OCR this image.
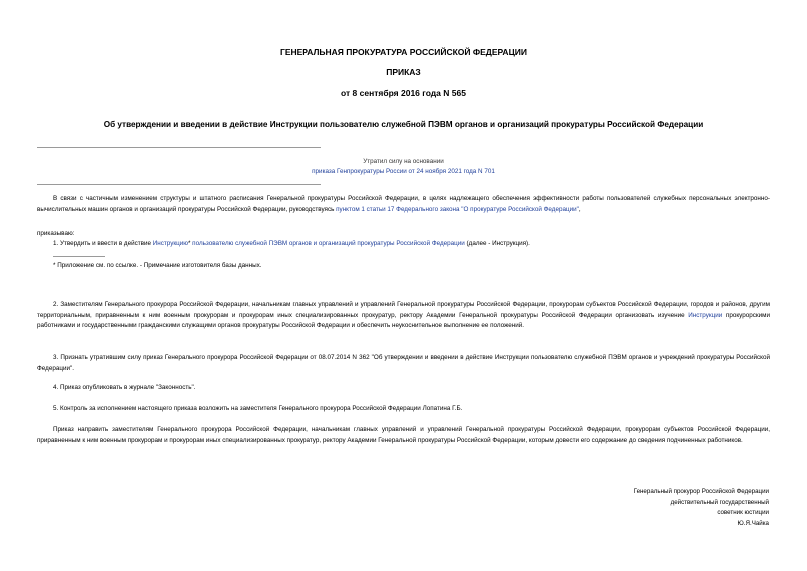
ГЕНЕРАЛЬНАЯ ПРОКУРАТУРА РОССИЙСКОЙ ФЕДЕРАЦИИ
ПРИКАЗ
от 8 сентября 2016 года N 565
Об утверждении и введении в действие Инструкции пользователю служебной ПЭВМ органов и организаций прокуратуры Российской Федерации
Утратил силу на основании
приказа Генпрокуратуры России от 24 ноября 2021 года N 701
В связи с частичным изменением структуры и штатного расписания Генеральной прокуратуры Российской Федерации, в целях надлежащего обеспечения эффективности работы пользователей служебных персональных электронно-вычислительных машин органов и организаций прокуратуры Российской Федерации, руководствуясь пунктом 1 статьи 17 Федерального закона "О прокуратуре Российской Федерации",
приказываю:
1. Утвердить и ввести в действие Инструкцию* пользователю служебной ПЭВМ органов и организаций прокуратуры Российской Федерации (далее - Инструкция).
* Приложение см. по ссылке. - Примечание изготовителя базы данных.
2. Заместителям Генерального прокурора Российской Федерации, начальникам главных управлений и управлений Генеральной прокуратуры Российской Федерации, прокурорам субъектов Российской Федерации, городов и районов, другим территориальным, приравненным к ним военным прокурорам и прокурорам иных специализированных прокуратур, ректору Академии Генеральной прокуратуры Российской Федерации организовать изучение Инструкции прокурорскими работниками и государственными гражданскими служащими органов прокуратуры Российской Федерации и обеспечить неукоснительное выполнение ее положений.
3. Признать утратившим силу приказ Генерального прокурора Российской Федерации от 08.07.2014 N 362 "Об утверждении и введении в действие Инструкции пользователю служебной ПЭВМ органов и учреждений прокуратуры Российской Федерации".
4. Приказ опубликовать в журнале "Законность".
5. Контроль за исполнением настоящего приказа возложить на заместителя Генерального прокурора Российской Федерации Лопатина Г.Б.
Приказ направить заместителям Генерального прокурора Российской Федерации, начальникам главных управлений и управлений Генеральной прокуратуры Российской Федерации, прокурорам субъектов Российской Федерации, приравненным к ним военным прокурорам и прокурорам иных специализированных прокуратур, ректору Академии Генеральной прокуратуры Российской Федерации, которым довести его содержание до сведения подчиненных работников.
Генеральный прокурор Российской Федерации
действительный государственный
советник юстиции
Ю.Я.Чайка
